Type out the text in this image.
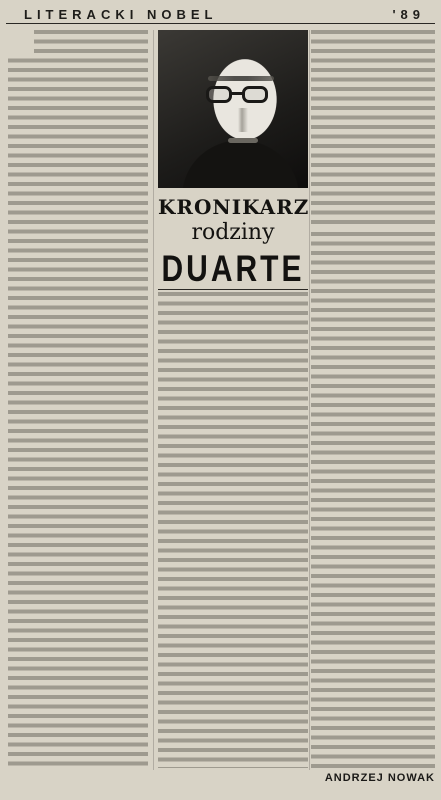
LITERACKI NOBEL	'89
KRONIKARZ
rodziny
DUARTE
ANDRZEJ NOWAK
